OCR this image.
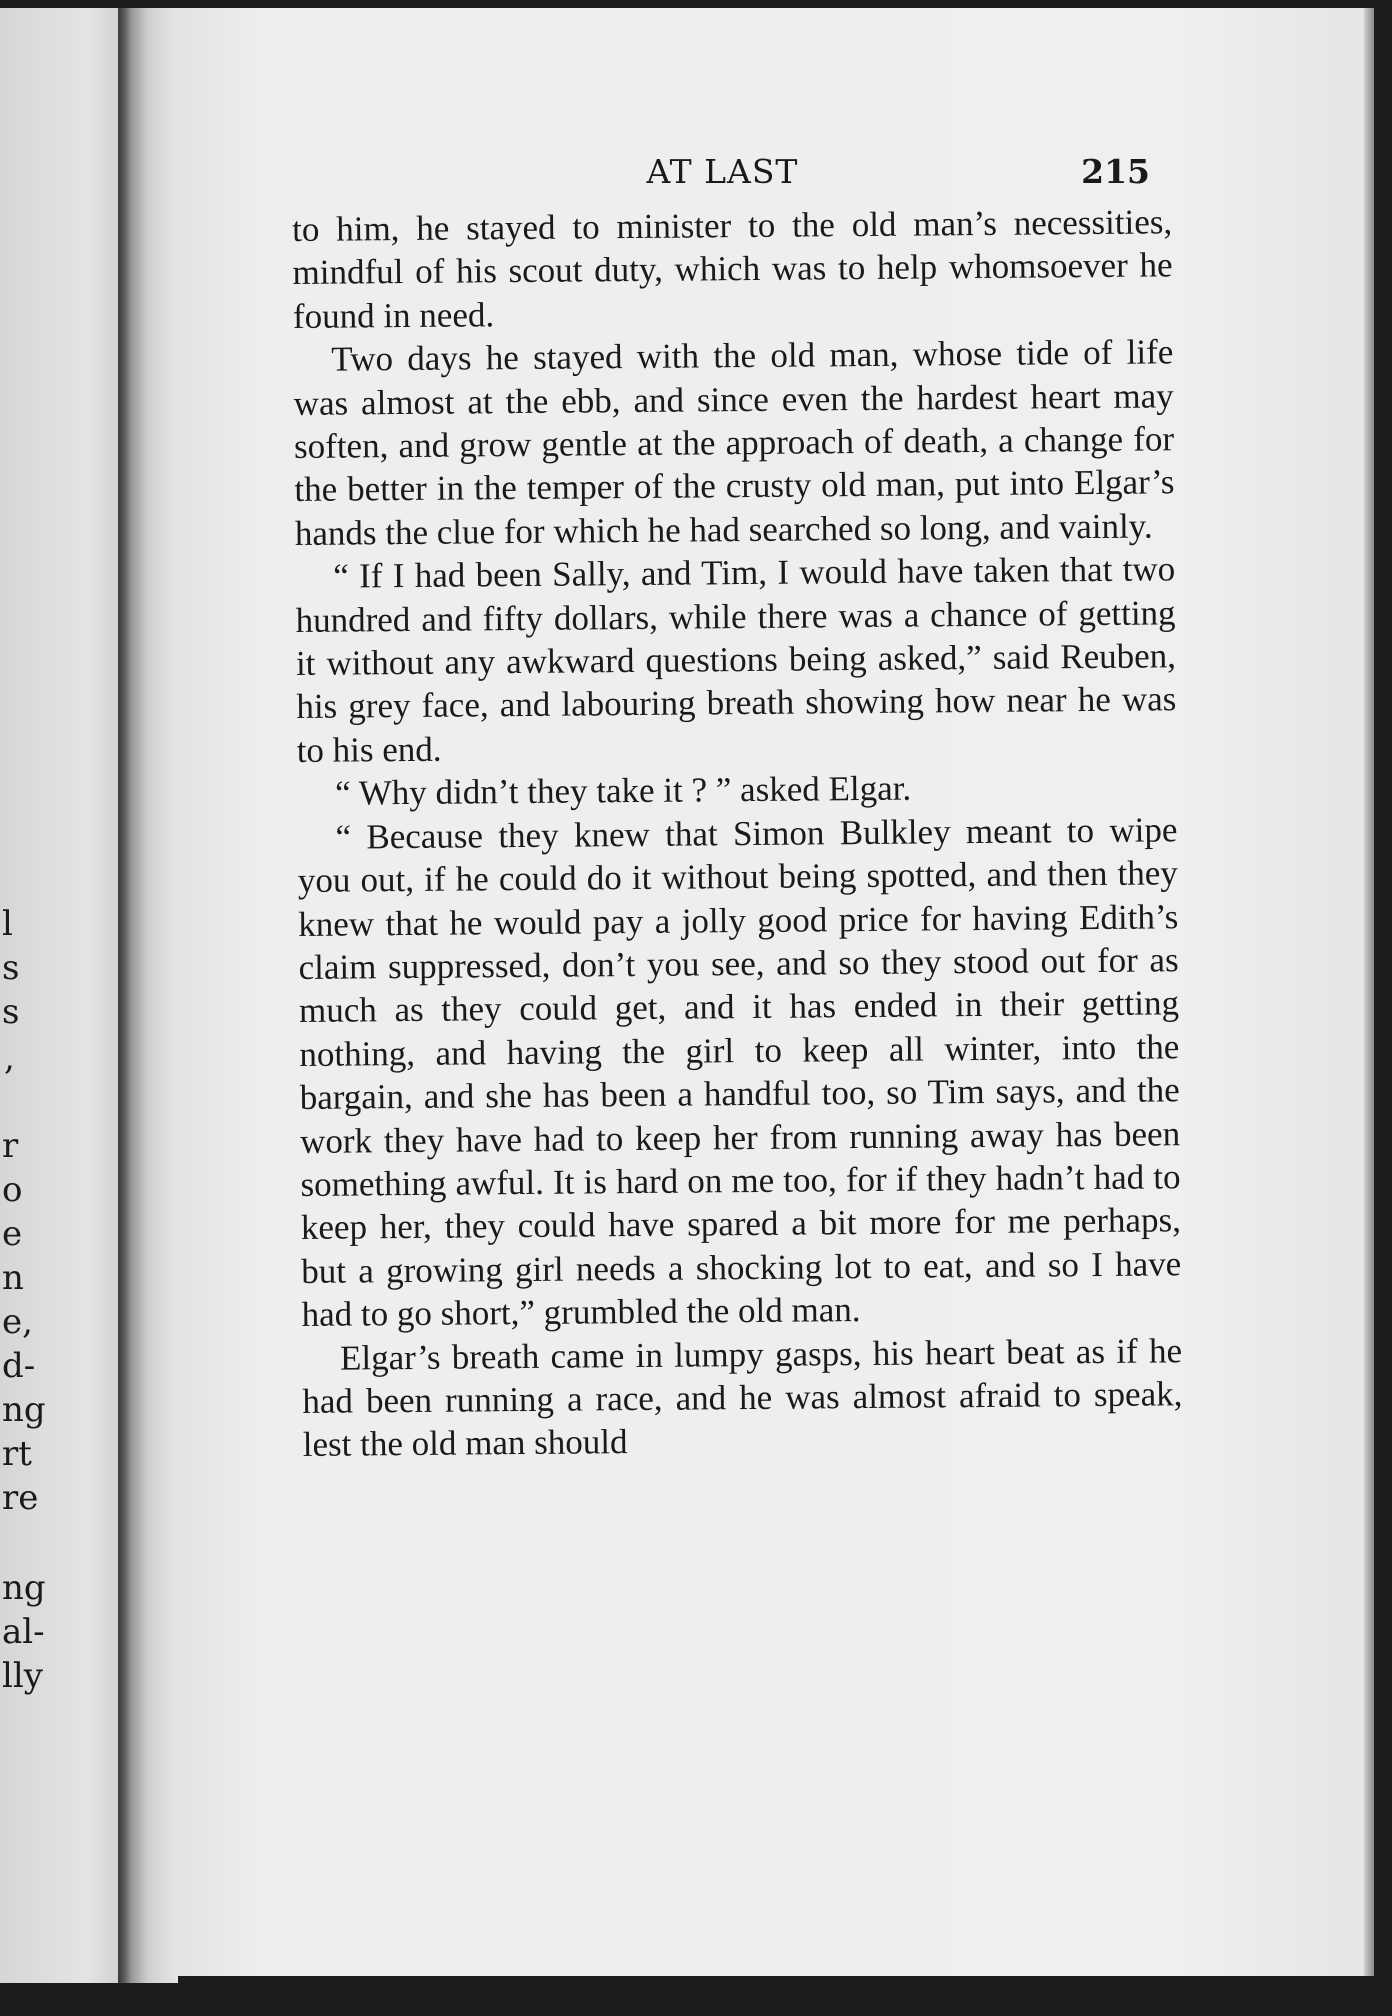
l
s
s
,
r
o
e
n
e,
d-
ng
rt
re
ng
al-
lly
AT LAST	215

to him, he stayed to minister to the old man’s necessities, mindful of his scout duty, which was to help whomsoever he found in need.

Two days he stayed with the old man, whose tide of life was almost at the ebb, and since even the hardest heart may soften, and grow gentle at the approach of death, a change for the better in the temper of the crusty old man, put into Elgar’s hands the clue for which he had searched so long, and vainly.

“ If I had been Sally, and Tim, I would have taken that two hundred and fifty dollars, while there was a chance of getting it without any awkward questions being asked,” said Reuben, his grey face, and labouring breath showing how near he was to his end.

“ Why didn’t they take it ? ” asked Elgar.

“ Because they knew that Simon Bulkley meant to wipe you out, if he could do it without being spotted, and then they knew that he would pay a jolly good price for having Edith’s claim suppressed, don’t you see, and so they stood out for as much as they could get, and it has ended in their getting nothing, and having the girl to keep all winter, into the bargain, and she has been a handful too, so Tim says, and the work they have had to keep her from running away has been something awful. It is hard on me too, for if they hadn’t had to keep her, they could have spared a bit more for me perhaps, but a growing girl needs a shocking lot to eat, and so I have had to go short,” grumbled the old man.

Elgar’s breath came in lumpy gasps, his heart beat as if he had been running a race, and he was almost afraid to speak, lest the old man should
